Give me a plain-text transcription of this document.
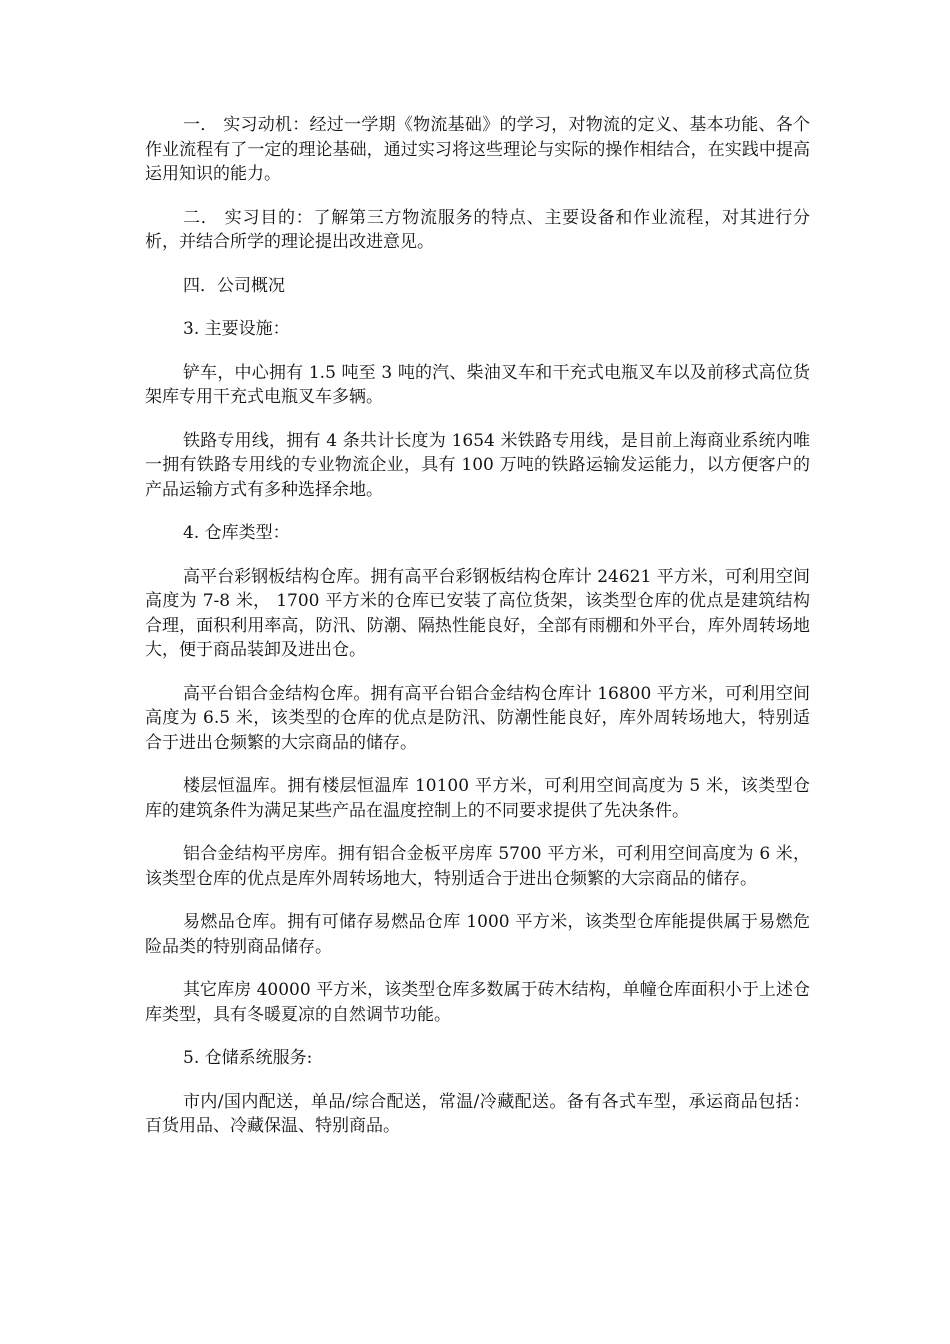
一． 实习动机：经过一学期《物流基础》的学习，对物流的定义、基本功能、各个作业流程有了一定的理论基础，通过实习将这些理论与实际的操作相结合，在实践中提高运用知识的能力。

二． 实习目的：了解第三方物流服务的特点、主要设备和作业流程，对其进行分析，并结合所学的理论提出改进意见。

四．公司概况

3. 主要设施：

铲车，中心拥有 1.5 吨至 3 吨的汽、柴油叉车和干充式电瓶叉车以及前移式高位货架库专用干充式电瓶叉车多辆。

铁路专用线，拥有 4 条共计长度为 1654 米铁路专用线，是目前上海商业系统内唯一拥有铁路专用线的专业物流企业，具有 100 万吨的铁路运输发运能力，以方便客户的产品运输方式有多种选择余地。

4. 仓库类型：

高平台彩钢板结构仓库。拥有高平台彩钢板结构仓库计 24621 平方米，可利用空间高度为 7-8 米， 1700 平方米的仓库已安装了高位货架，该类型仓库的优点是建筑结构合理，面积利用率高，防汛、防潮、隔热性能良好，全部有雨棚和外平台，库外周转场地大，便于商品装卸及进出仓。

高平台铝合金结构仓库。拥有高平台铝合金结构仓库计 16800 平方米，可利用空间高度为 6.5 米，该类型的仓库的优点是防汛、防潮性能良好，库外周转场地大，特别适合于进出仓频繁的大宗商品的储存。

楼层恒温库。拥有楼层恒温库 10100 平方米，可利用空间高度为 5 米，该类型仓库的建筑条件为满足某些产品在温度控制上的不同要求提供了先决条件。

铝合金结构平房库。拥有铝合金板平房库 5700 平方米，可利用空间高度为 6 米，该类型仓库的优点是库外周转场地大，特别适合于进出仓频繁的大宗商品的储存。

易燃品仓库。拥有可储存易燃品仓库 1000 平方米，该类型仓库能提供属于易燃危险品类的特别商品储存。

其它库房 40000 平方米，该类型仓库多数属于砖木结构，单幢仓库面积小于上述仓库类型，具有冬暖夏凉的自然调节功能。

5. 仓储系统服务:

市内/国内配送，单品/综合配送，常温/冷藏配送。备有各式车型，承运商品包括：百货用品、冷藏保温、特别商品。
